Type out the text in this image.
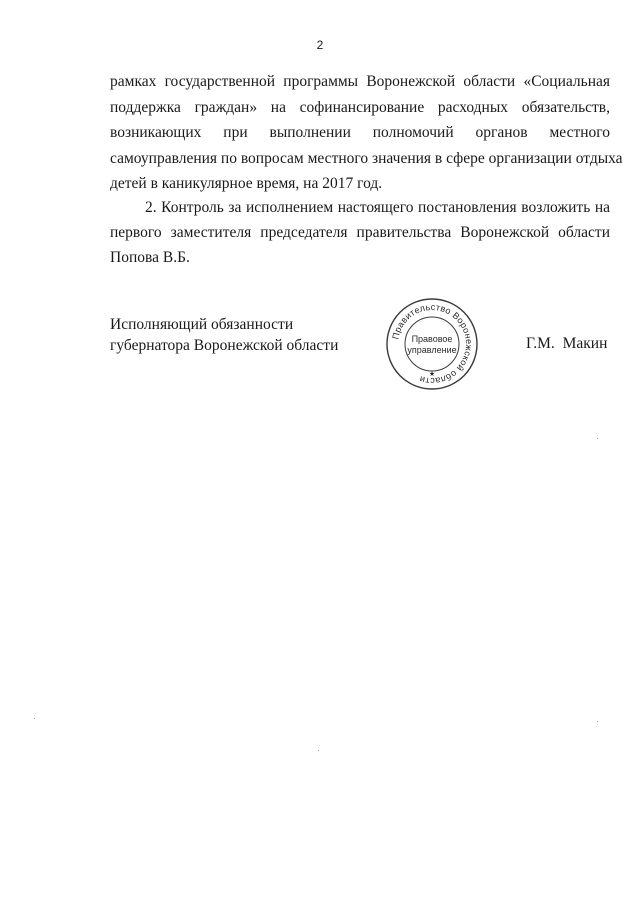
2
рамках государственной программы Воронежской области «Социальная
поддержка граждан» на софинансирование расходных обязательств,
возникающих при выполнении полномочий органов местного
самоуправления по вопросам местного значения в сфере организации отдыха
детей в каникулярное время, на 2017 год.
2. Контроль за исполнением настоящего постановления возложить на
первого заместителя председателя правительства Воронежской области
Попова В.Б.
Исполняющий обязанности
губернатора Воронежской области
Правительство Воронежской области
Правовое
управление
★
Г.М. Макин
